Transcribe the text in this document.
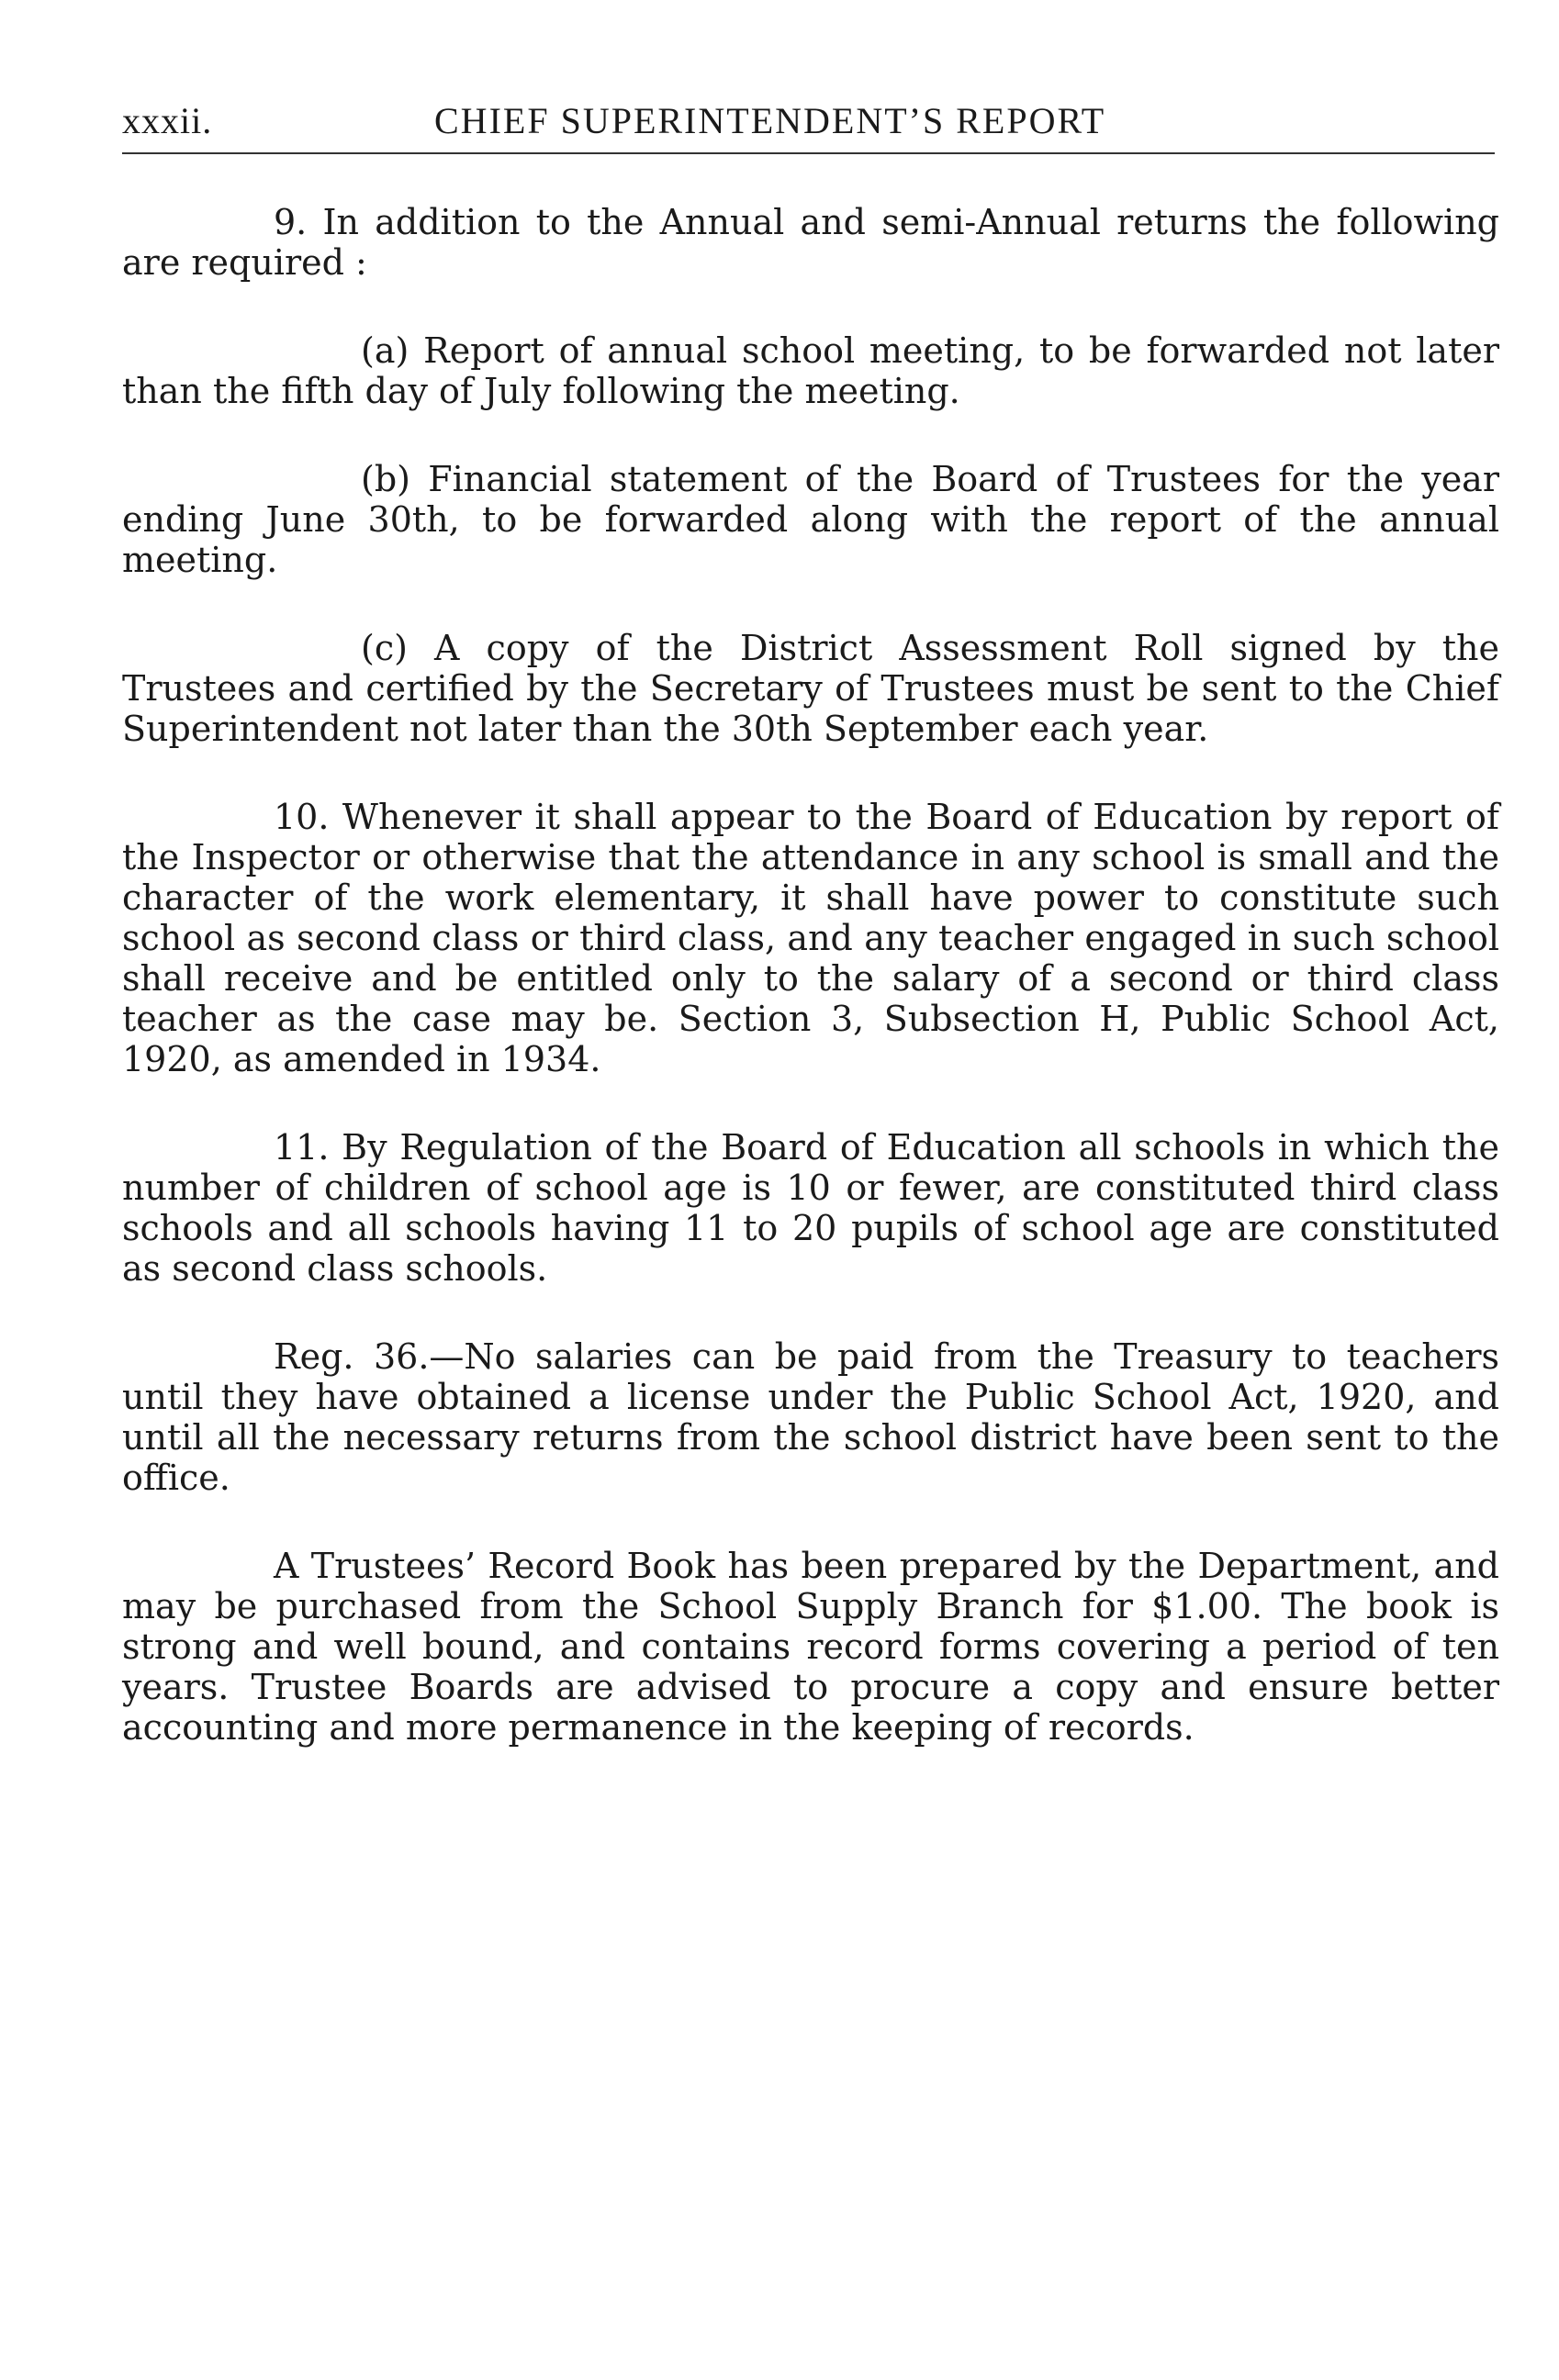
xxxii.	CHIEF SUPERINTENDENT’S REPORT

9. In addition to the Annual and semi-Annual returns the following are required :

(a) Report of annual school meeting, to be forwarded not later than the fifth day of July following the meeting.

(b) Financial statement of the Board of Trustees for the year ending June 30th, to be forwarded along with the report of the annual meeting.

(c) A copy of the District Assessment Roll signed by the Trustees and certified by the Secretary of Trustees must be sent to the Chief Superintendent not later than the 30th September each year.

10. Whenever it shall appear to the Board of Education by report of the Inspector or otherwise that the attendance in any school is small and the character of the work elementary, it shall have power to constitute such school as second class or third class, and any teacher engaged in such school shall receive and be entitled only to the salary of a second or third class teacher as the case may be. Section 3, Subsection H, Public School Act, 1920, as amended in 1934.

11. By Regulation of the Board of Education all schools in which the number of children of school age is 10 or fewer, are constituted third class schools and all schools having 11 to 20 pupils of school age are constituted as second class schools.

Reg. 36.—No salaries can be paid from the Treasury to teachers until they have obtained a license under the Public School Act, 1920, and until all the necessary returns from the school district have been sent to the office.

A Trustees’ Record Book has been prepared by the Department, and may be purchased from the School Supply Branch for $1.00. The book is strong and well bound, and contains record forms covering a period of ten years. Trustee Boards are advised to procure a copy and ensure better accounting and more permanence in the keeping of records.
